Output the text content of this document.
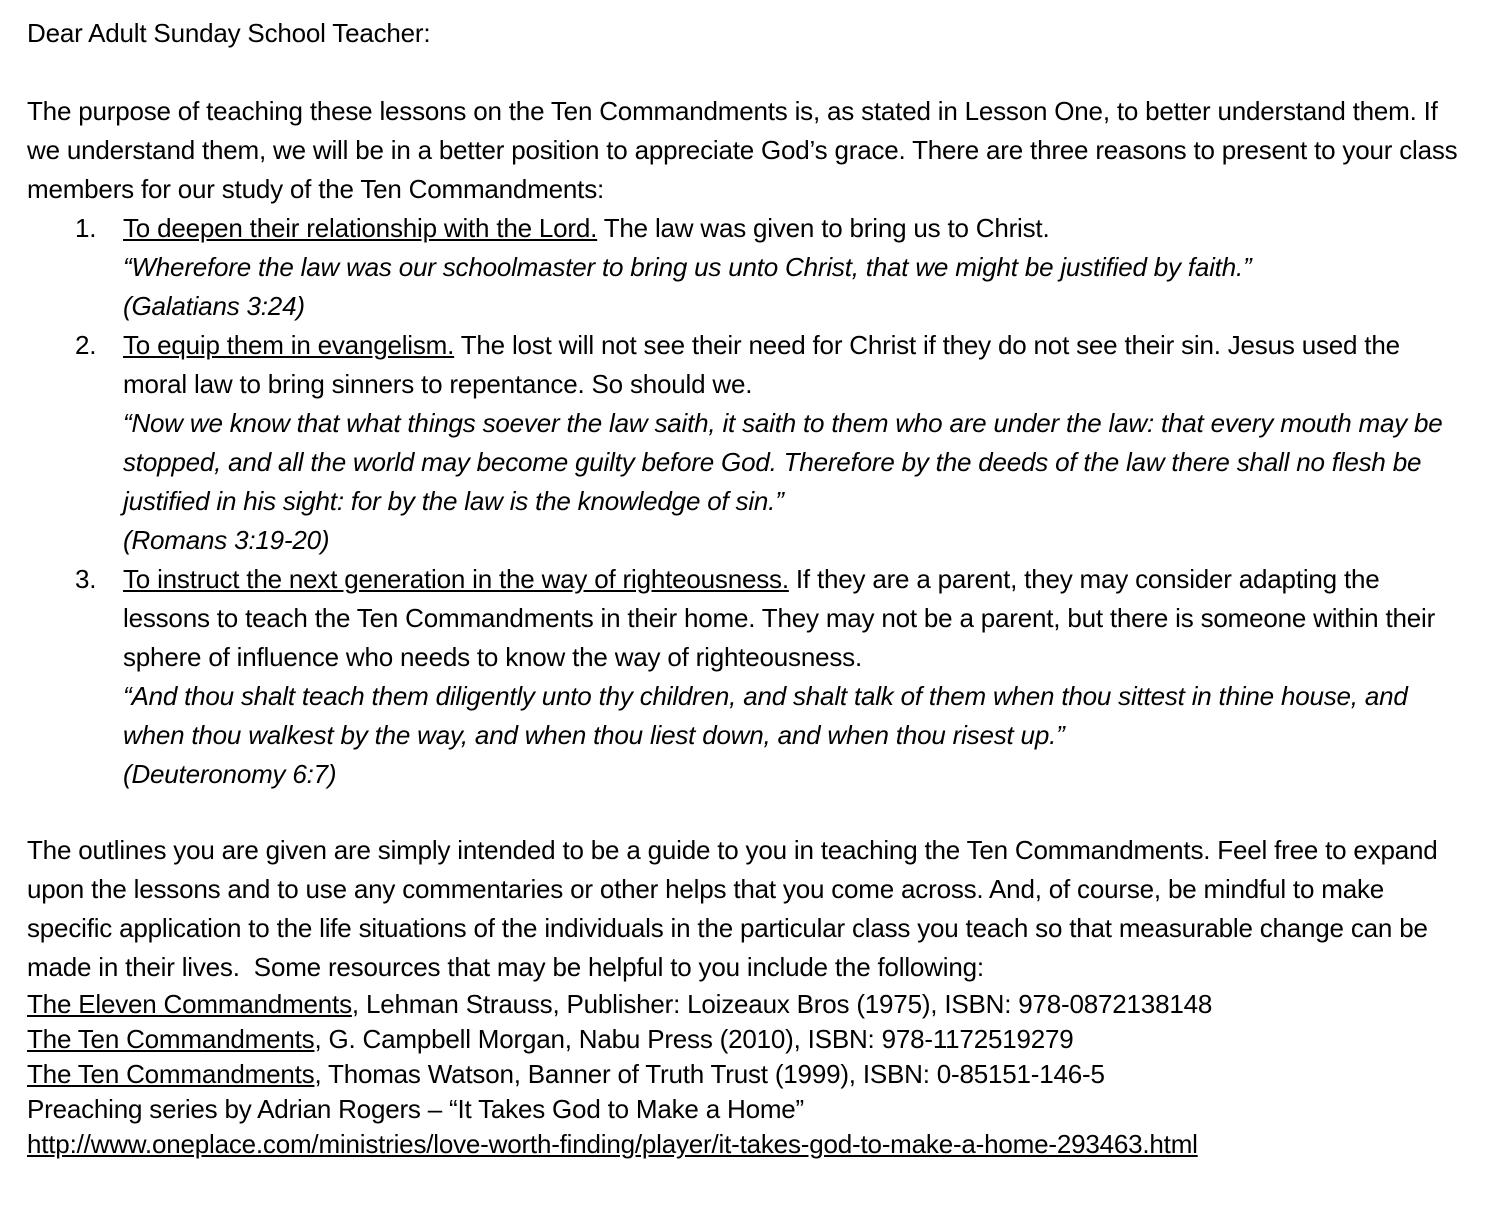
Dear Adult Sunday School Teacher:

The purpose of teaching these lessons on the Ten Commandments is, as stated in Lesson One, to better understand them. If we understand them, we will be in a better position to appreciate God’s grace. There are three reasons to present to your class members for our study of the Ten Commandments:

1.	To deepen their relationship with the Lord. The law was given to bring us to Christ.
“Wherefore the law was our schoolmaster to bring us unto Christ, that we might be justified by faith.”
(Galatians 3:24)
2.	To equip them in evangelism. The lost will not see their need for Christ if they do not see their sin. Jesus used the moral law to bring sinners to repentance. So should we.
“Now we know that what things soever the law saith, it saith to them who are under the law: that every mouth may be stopped, and all the world may become guilty before God. Therefore by the deeds of the law there shall no flesh be justified in his sight: for by the law is the knowledge of sin.”
(Romans 3:19-20)
3.	To instruct the next generation in the way of righteousness. If they are a parent, they may consider adapting the lessons to teach the Ten Commandments in their home. They may not be a parent, but there is someone within their sphere of influence who needs to know the way of righteousness.
“And thou shalt teach them diligently unto thy children, and shalt talk of them when thou sittest in thine house, and when thou walkest by the way, and when thou liest down, and when thou risest up.”
(Deuteronomy 6:7)

The outlines you are given are simply intended to be a guide to you in teaching the Ten Commandments. Feel free to expand upon the lessons and to use any commentaries or other helps that you come across. And, of course, be mindful to make specific application to the life situations of the individuals in the particular class you teach so that measurable change can be made in their lives.  Some resources that may be helpful to you include the following:

The Eleven Commandments, Lehman Strauss, Publisher: Loizeaux Bros (1975), ISBN: 978-0872138148
The Ten Commandments, G. Campbell Morgan, Nabu Press (2010), ISBN: 978-1172519279
The Ten Commandments, Thomas Watson, Banner of Truth Trust (1999), ISBN: 0-85151-146-5
Preaching series by Adrian Rogers – “It Takes God to Make a Home”
http://www.oneplace.com/ministries/love-worth-finding/player/it-takes-god-to-make-a-home-293463.html
